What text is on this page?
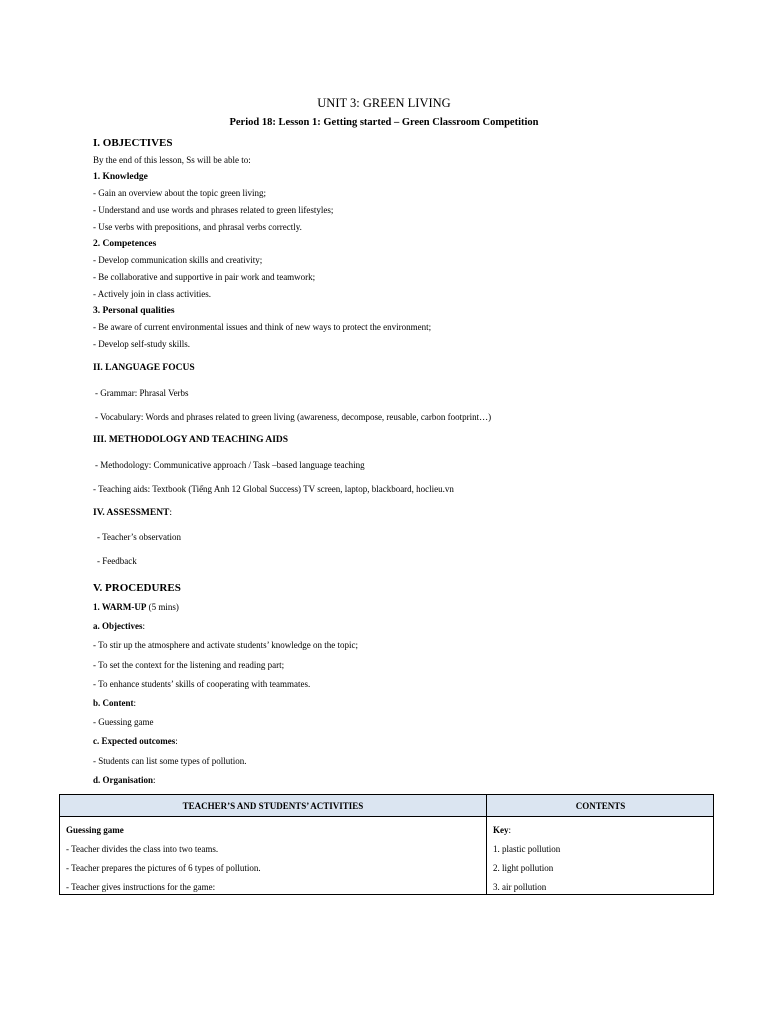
UNIT 3: GREEN LIVING
Period 18: Lesson 1: Getting started – Green Classroom Competition
I. OBJECTIVES
By the end of this lesson, Ss will be able to:
1. Knowledge
- Gain an overview about the topic green living;
- Understand and use words and phrases related to green lifestyles;
- Use verbs with prepositions, and phrasal verbs correctly.
2. Competences
- Develop communication skills and creativity;
- Be collaborative and supportive in pair work and teamwork;
- Actively join in class activities.
3. Personal qualities
- Be aware of current environmental issues and think of new ways to protect the environment;
- Develop self-study skills.
II. LANGUAGE FOCUS
- Grammar: Phrasal Verbs
- Vocabulary: Words and phrases related to green living (awareness, decompose, reusable, carbon footprint…)
III. METHODOLOGY AND TEACHING AIDS
- Methodology: Communicative approach / Task –based language teaching
- Teaching aids: Textbook (Tiếng Anh 12 Global Success) TV screen, laptop, blackboard, hoclieu.vn
IV. ASSESSMENT:
- Teacher’s observation
- Feedback
V. PROCEDURES
1. WARM-UP (5 mins)
a. Objectives:
- To stir up the atmosphere and activate students’ knowledge on the topic;
- To set the context for the listening and reading part;
- To enhance students’ skills of cooperating with teammates.
b. Content:
- Guessing game
c. Expected outcomes:
- Students can list some types of pollution.
d. Organisation:
TEACHER’S AND STUDENTS’ ACTIVITIES	CONTENTS
Guessing game
- Teacher divides the class into two teams.
- Teacher prepares the pictures of 6 types of pollution.
- Teacher gives instructions for the game:
Key:
1. plastic pollution
2. light pollution
3. air pollution
